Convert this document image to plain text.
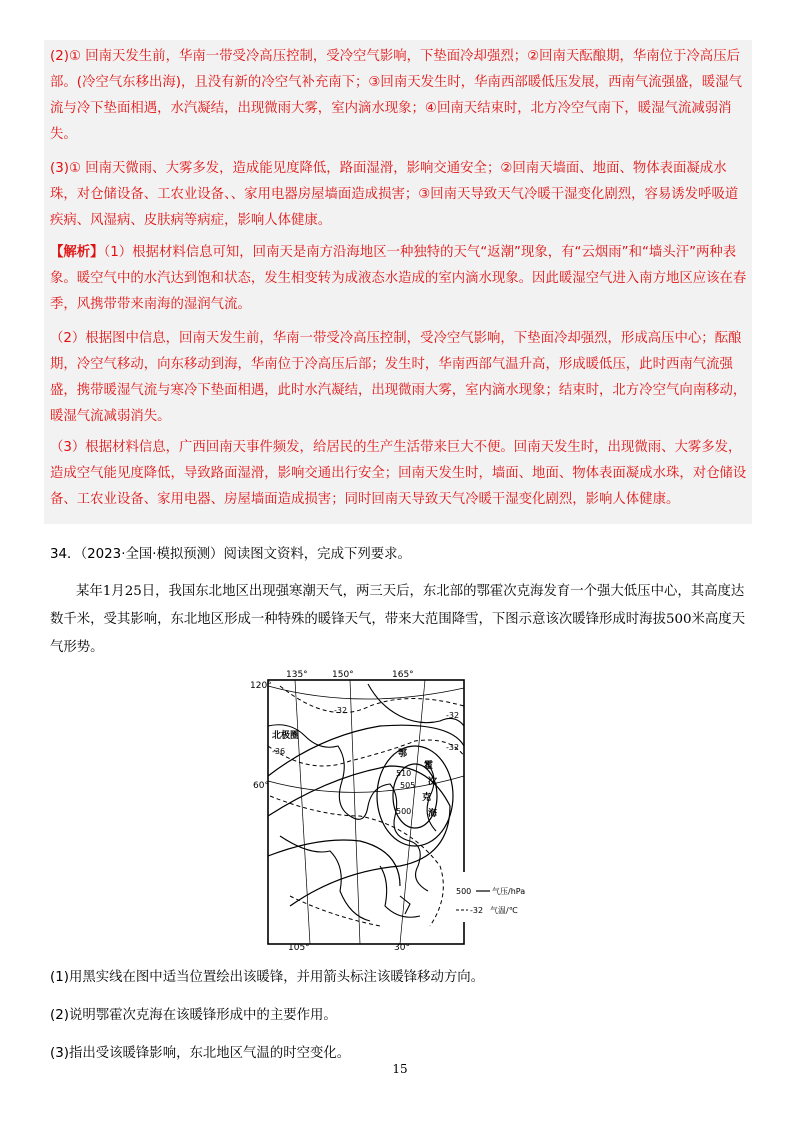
(2)① 回南天发生前，华南一带受冷高压控制，受冷空气影响，下垫面冷却强烈；②回南天酝酿期，华南位于冷高压后部。(冷空气东移出海)，且没有新的冷空气补充南下；③回南天发生时，华南西部暖低压发展，西南气流强盛，暖湿气流与冷下垫面相遇，水汽凝结，出现微雨大雾，室内滴水现象；④回南天结束时，北方冷空气南下，暖湿气流减弱消失。

(3)① 回南天微雨、大雾多发，造成能见度降低，路面湿滑，影响交通安全；②回南天墙面、地面、物体表面凝成水珠，对仓储设备、工农业设备、、家用电器房屋墙面造成损害；③回南天导致天气冷暖干湿变化剧烈，容易诱发呼吸道疾病、风湿病、皮肤病等病症，影响人体健康。

【解析】（1）根据材料信息可知，回南天是南方沿海地区一种独特的天气“返潮”现象，有“云烟雨”和“墙头汗”两种表象。暖空气中的水汽达到饱和状态，发生相变转为成液态水造成的室内滴水现象。因此暖湿空气进入南方地区应该在春季，风携带带来南海的湿润气流。

（2）根据图中信息，回南天发生前，华南一带受冷高压控制，受冷空气影响，下垫面冷却强烈，形成高压中心；酝酿期，冷空气移动，向东移动到海，华南位于冷高压后部；发生时，华南西部气温升高，形成暖低压，此时西南气流强盛，携带暖湿气流与寒冷下垫面相遇，此时水汽凝结，出现微雨大雾，室内滴水现象；结束时，北方冷空气向南移动，暖湿气流减弱消失。

（3）根据材料信息，广西回南天事件频发，给居民的生产生活带来巨大不便。回南天发生时，出现微雨、大雾多发，造成空气能见度降低，导致路面湿滑，影响交通出行安全；回南天发生时，墙面、地面、物体表面凝成水珠，对仓储设备、工农业设备、家用电器、房屋墙面造成损害；同时回南天导致天气冷暖干湿变化剧烈，影响人体健康。

34．（2023·全国·模拟预测）阅读图文资料，完成下列要求。

某年1月25日，我国东北地区出现强寒潮天气，两三天后，东北部的鄂霍次克海发育一个强大低压中心，其高度达数千米，受其影响，东北地区形成一种特殊的暖锋天气，带来大范围降雪，下图示意该次暖锋形成时海拔500米高度天气形势。

135°	150°	165°
105°	30°
120°
60°
北极圈
鄂
霍
次
克
海
500
505
510
-32
-36
-32
-32
500	气压/hPa
-32 气温/℃

(1)用黑实线在图中适当位置绘出该暖锋，并用箭头标注该暖锋移动方向。

(2)说明鄂霍次克海在该暖锋形成中的主要作用。

(3)指出受该暖锋影响，东北地区气温的时空变化。

15
